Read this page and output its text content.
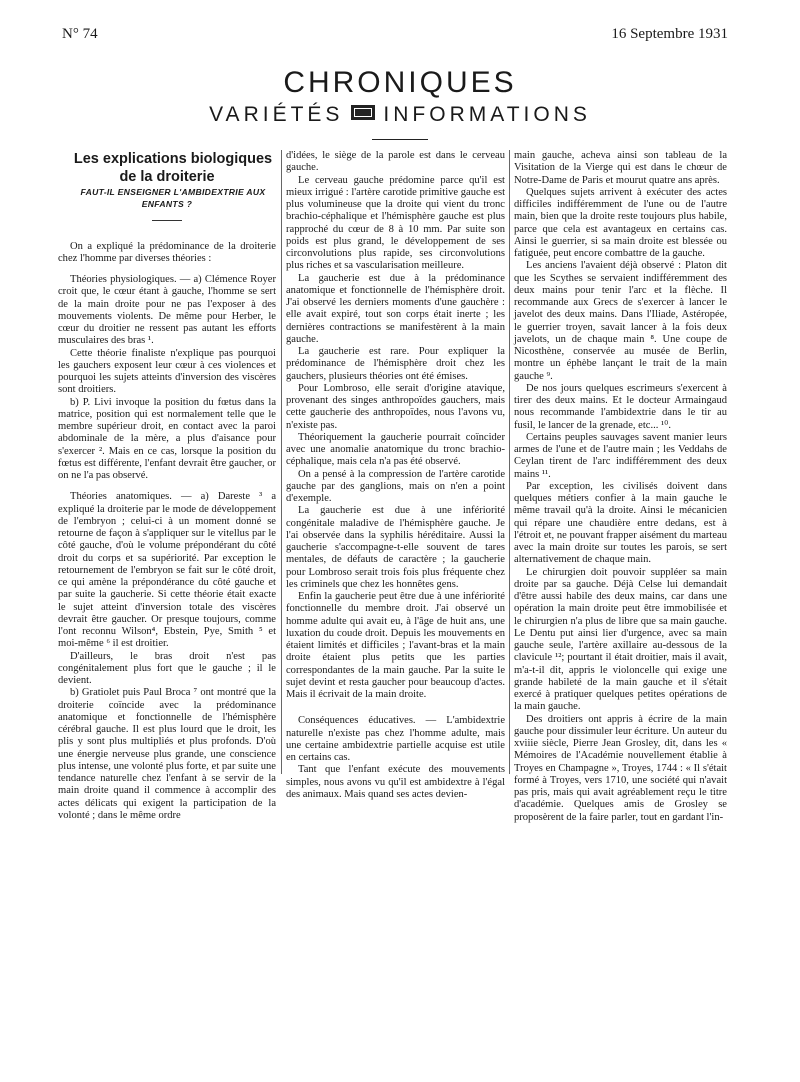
N° 74	16 Septembre 1931
CHRONIQUES
VARIÉTÉS INFORMATIONS

Les explications biologiques
de la droiterie

FAUT-IL ENSEIGNER L'AMBIDEXTRIE AUX ENFANTS ?

On a expliqué la prédominance de la droiterie chez l'homme par diverses théories :

Théories physiologiques. — a) Clémence Royer croit que, le cœur étant à gauche, l'homme se sert de la main droite pour ne pas l'exposer à des mouvements violents. De même pour Herber, le cœur du droitier ne ressent pas autant les efforts musculaires des bras ¹.

Cette théorie finaliste n'explique pas pourquoi les gauchers exposent leur cœur à ces violences et pourquoi les sujets atteints d'inversion des viscères sont droitiers.

b) P. Livi invoque la position du fœtus dans la matrice, position qui est normalement telle que le membre supérieur droit, en contact avec la paroi abdominale de la mère, a plus d'aisance pour s'exercer ². Mais en ce cas, lorsque la position du fœtus est différente, l'enfant devrait être gaucher, or on ne l'a pas observé.

Théories anatomiques. — a) Dareste ³ a expliqué la droiterie par le mode de développement de l'embryon ; celui-ci à un moment donné se retourne de façon à s'appliquer sur le vitellus par le côté gauche, d'où le volume prépondérant du côté droit du corps et sa supériorité. Par exception le retournement de l'embryon se fait sur le côté droit, ce qui amène la prépondérance du côté gauche et par suite la gaucherie. Si cette théorie était exacte le sujet atteint d'inversion totale des viscères devrait être gaucher. Or presque toujours, comme l'ont reconnu Wilson⁴, Ebstein, Pye, Smith ⁵ et moi-même ⁶ il est droitier.

D'ailleurs, le bras droit n'est pas congénitalement plus fort que le gauche ; il le devient.

b) Gratiolet puis Paul Broca ⁷ ont montré que la droiterie coïncide avec la prédominance anatomique et fonctionnelle de l'hémisphère cérébral gauche. Il est plus lourd que le droit, les plis y sont plus multipliés et plus profonds. D'où une énergie nerveuse plus grande, une conscience plus intense, une volonté plus forte, et par suite une tendance naturelle chez l'enfant à se servir de la main droite quand il commence à accomplir des actes délicats qui exigent la participation de la volonté ; dans le même ordre

d'idées, le siège de la parole est dans le cerveau gauche.

Le cerveau gauche prédomine parce qu'il est mieux irrigué : l'artère carotide primitive gauche est plus volumineuse que la droite qui vient du tronc brachio-céphalique et l'hémisphère gauche est plus rapproché du cœur de 8 à 10 mm. Par suite son poids est plus grand, le développement de ses circonvolutions plus rapide, ses circonvolutions plus riches et sa vascularisation meilleure.

La gaucherie est due à la prédominance anatomique et fonctionnelle de l'hémisphère droit. J'ai observé les derniers moments d'une gauchère : elle avait expiré, tout son corps était inerte ; les dernières contractions se manifestèrent à la main gauche.

La gaucherie est rare. Pour expliquer la prédominance de l'hémisphère droit chez les gauchers, plusieurs théories ont été émises.

Pour Lombroso, elle serait d'origine atavique, provenant des singes anthropoïdes gauchers, mais cette gaucherie des anthropoïdes, nous l'avons vu, n'existe pas.

Théoriquement la gaucherie pourrait coïncider avec une anomalie anatomique du tronc brachio-céphalique, mais cela n'a pas été observé.

On a pensé à la compression de l'artère carotide gauche par des ganglions, mais on n'en a point d'exemple.

La gaucherie est due à une infériorité congénitale maladive de l'hémisphère gauche. Je l'ai observée dans la syphilis héréditaire. Aussi la gaucherie s'accompagne-t-elle souvent de tares mentales, de défauts de caractère ; la gaucherie pour Lombroso serait trois fois plus fréquente chez les criminels que chez les honnêtes gens.

Enfin la gaucherie peut être due à une infériorité fonctionnelle du membre droit. J'ai observé un homme adulte qui avait eu, à l'âge de huit ans, une luxation du coude droit. Depuis les mouvements en étaient limités et difficiles ; l'avant-bras et la main droite étaient plus petits que les parties correspondantes de la main gauche. Par la suite le sujet devint et resta gaucher pour beaucoup d'actes. Mais il écrivait de la main droite.

Conséquences éducatives. — L'ambidextrie naturelle n'existe pas chez l'homme adulte, mais une certaine ambidextrie partielle acquise est utile en certains cas.

Tant que l'enfant exécute des mouvements simples, nous avons vu qu'il est ambidextre à l'égal des animaux. Mais quand ses actes devien-

main gauche, acheva ainsi son tableau de la Visitation de la Vierge qui est dans le chœur de Notre-Dame de Paris et mourut quatre ans après.

Quelques sujets arrivent à exécuter des actes difficiles indifféremment de l'une ou de l'autre main, bien que la droite reste toujours plus habile, parce que cela est avantageux en certains cas. Ainsi le guerrier, si sa main droite est blessée ou fatiguée, peut encore combattre de la gauche.

Les anciens l'avaient déjà observé : Platon dit que les Scythes se servaient indifféremment des deux mains pour tenir l'arc et la flèche. Il recommande aux Grecs de s'exercer à lancer le javelot des deux mains. Dans l'Iliade, Astéropée, le guerrier troyen, savait lancer à la fois deux javelots, un de chaque main ⁸. Une coupe de Nicosthène, conservée au musée de Berlin, montre un éphèbe lançant le trait de la main gauche ⁹.

De nos jours quelques escrimeurs s'exercent à tirer des deux mains. Et le docteur Armaingaud nous recommande l'ambidextrie dans le tir au fusil, le lancer de la grenade, etc... ¹⁰.

Certains peuples sauvages savent manier leurs armes de l'une et de l'autre main ; les Veddahs de Ceylan tirent de l'arc indifféremment des deux mains ¹¹.

Par exception, les civilisés doivent dans quelques métiers confier à la main gauche le même travail qu'à la droite. Ainsi le mécanicien qui répare une chaudière entre dedans, est à l'étroit et, ne pouvant frapper aisément du marteau avec la main droite sur toutes les parois, se sert alternativement de chaque main.

Le chirurgien doit pouvoir suppléer sa main droite par sa gauche. Déjà Celse lui demandait d'être aussi habile des deux mains, car dans une opération la main droite peut être immobilisée et le chirurgien n'a plus de libre que sa main gauche. Le Dentu put ainsi lier d'urgence, avec sa main gauche seule, l'artère axillaire au-dessous de la clavicule ¹²; pourtant il était droitier, mais il avait, m'a-t-il dit, appris le violoncelle qui exige une grande habileté de la main gauche et il s'était exercé à pratiquer quelques petites opérations de la main gauche.

Des droitiers ont appris à écrire de la main gauche pour dissimuler leur écriture. Un auteur du xviiie siècle, Pierre Jean Grosley, dit, dans les « Mémoires de l'Académie nouvellement établie à Troyes en Champagne », Troyes, 1744 : « Il s'était formé à Troyes, vers 1710, une société qui n'avait pas pris, mais qui avait agréablement reçu le titre d'académie. Quelques amis de Grosley se proposèrent de la faire parler, tout en gardant l'in-
